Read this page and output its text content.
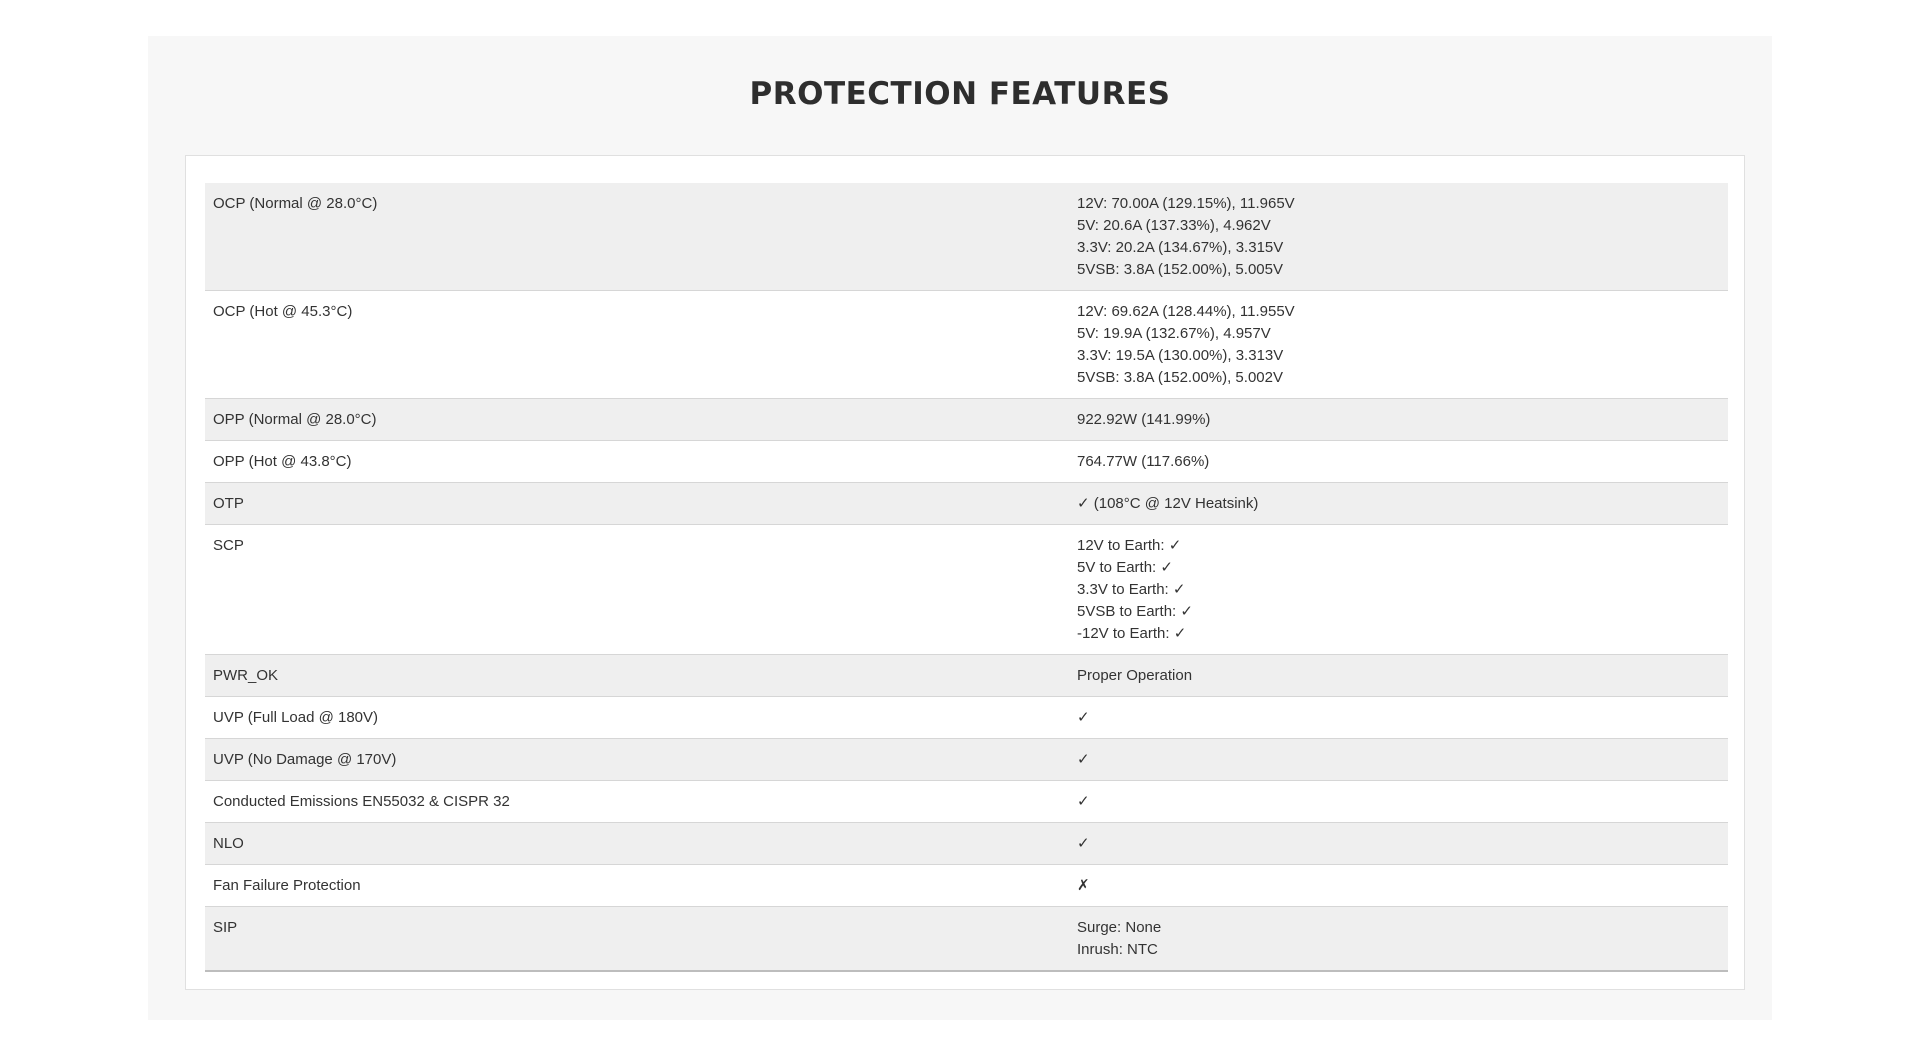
PROTECTION FEATURES
OCP (Normal @ 28.0°C)	12V: 70.00A (129.15%), 11.965V
5V: 20.6A (137.33%), 4.962V
3.3V: 20.2A (134.67%), 3.315V
5VSB: 3.8A (152.00%), 5.005V

OCP (Hot @ 45.3°C)	12V: 69.62A (128.44%), 11.955V
5V: 19.9A (132.67%), 4.957V
3.3V: 19.5A (130.00%), 3.313V
5VSB: 3.8A (152.00%), 5.002V

OPP (Normal @ 28.0°C)	922.92W (141.99%)

OPP (Hot @ 43.8°C)	764.77W (117.66%)

OTP	✓ (108°C @ 12V Heatsink)

SCP	12V to Earth: ✓
5V to Earth: ✓
3.3V to Earth: ✓
5VSB to Earth: ✓
-12V to Earth: ✓

PWR_OK	Proper Operation

UVP (Full Load @ 180V)	✓

UVP (No Damage @ 170V)	✓

Conducted Emissions EN55032 & CISPR 32	✓

NLO	✓

Fan Failure Protection	✗

SIP	Surge: None
Inrush: NTC
